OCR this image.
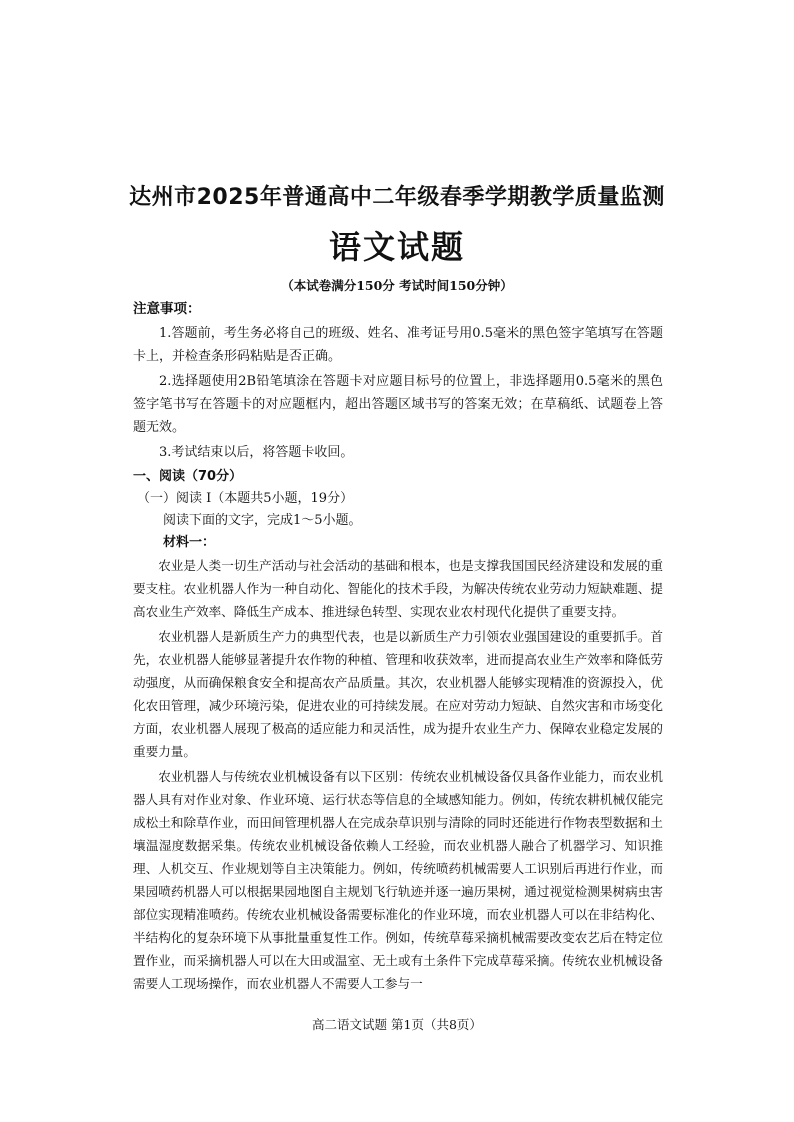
达州市2025年普通高中二年级春季学期教学质量监测
语文试题
（本试卷满分150分 考试时间150分钟）
注意事项：
1.答题前，考生务必将自己的班级、姓名、准考证号用0.5毫米的黑色签字笔填写在答题卡上，并检查条形码粘贴是否正确。
2.选择题使用2B铅笔填涂在答题卡对应题目标号的位置上，非选择题用0.5毫米的黑色签字笔书写在答题卡的对应题框内，超出答题区域书写的答案无效；在草稿纸、试题卷上答题无效。
3.考试结束以后，将答题卡收回。
一、阅读（70分）
（一）阅读 I（本题共5小题，19分）
阅读下面的文字，完成1～5小题。
材料一：
农业是人类一切生产活动与社会活动的基础和根本，也是支撑我国国民经济建设和发展的重要支柱。农业机器人作为一种自动化、智能化的技术手段，为解决传统农业劳动力短缺难题、提高农业生产效率、降低生产成本、推进绿色转型、实现农业农村现代化提供了重要支持。
农业机器人是新质生产力的典型代表，也是以新质生产力引领农业强国建设的重要抓手。首先，农业机器人能够显著提升农作物的种植、管理和收获效率，进而提高农业生产效率和降低劳动强度，从而确保粮食安全和提高农产品质量。其次，农业机器人能够实现精准的资源投入，优化农田管理，减少环境污染，促进农业的可持续发展。在应对劳动力短缺、自然灾害和市场变化方面，农业机器人展现了极高的适应能力和灵活性，成为提升农业生产力、保障农业稳定发展的重要力量。
农业机器人与传统农业机械设备有以下区别：传统农业机械设备仅具备作业能力，而农业机器人具有对作业对象、作业环境、运行状态等信息的全域感知能力。例如，传统农耕机械仅能完成松土和除草作业，而田间管理机器人在完成杂草识别与清除的同时还能进行作物表型数据和土壤温湿度数据采集。传统农业机械设备依赖人工经验，而农业机器人融合了机器学习、知识推理、人机交互、作业规划等自主决策能力。例如，传统喷药机械需要人工识别后再进行作业，而果园喷药机器人可以根据果园地图自主规划飞行轨迹并逐一遍历果树，通过视觉检测果树病虫害部位实现精准喷药。传统农业机械设备需要标准化的作业环境，而农业机器人可以在非结构化、半结构化的复杂环境下从事批量重复性工作。例如，传统草莓采摘机械需要改变农艺后在特定位置作业，而采摘机器人可以在大田或温室、无土或有土条件下完成草莓采摘。传统农业机械设备需要人工现场操作，而农业机器人不需要人工参与一
高二语文试题 第1页（共8页）
